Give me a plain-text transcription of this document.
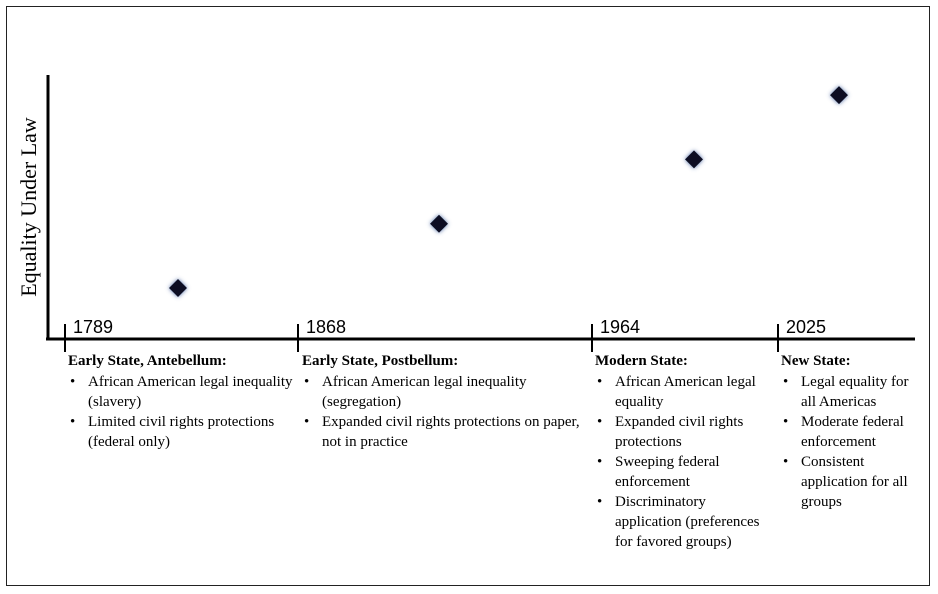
Equality Under Law
1789	1868	1964	2025
Early State, Antebellum:
• African American legal inequality (slavery)
• Limited civil rights protections (federal only)
Early State, Postbellum:
• African American legal inequality (segregation)
• Expanded civil rights protections on paper, not in practice
Modern State:
• African American legal equality
• Expanded civil rights protections
• Sweeping federal enforcement
• Discriminatory application (preferences for favored groups)
New State:
• Legal equality for all Americas
• Moderate federal enforcement
• Consistent application for all groups
